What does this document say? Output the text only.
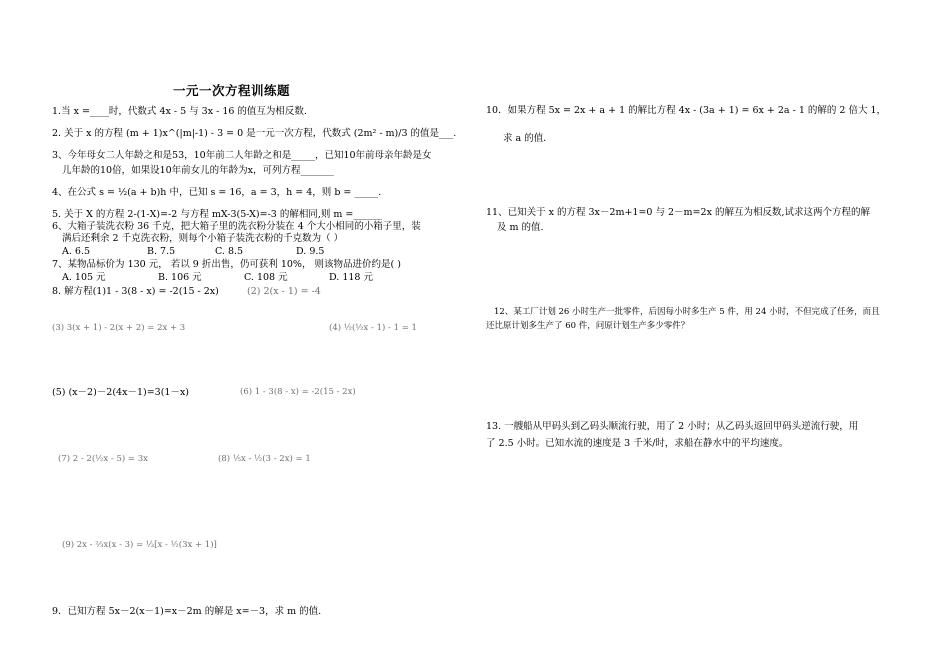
一元一次方程训练题
1.当 x =____时，代数式 4x - 5 与 3x - 16 的值互为相反数.
2. 关于 x 的方程 (m + 1)x^(|m|-1) - 3 = 0 是一元一次方程，代数式 (2m² - m)/3 的值是___.
3、今年母女二人年龄之和是53，10年前二人年龄之和是_____，已知10年前母亲年龄是女
儿年龄的10倍，如果设10年前女儿的年龄为x，可列方程_______
4、在公式 s = ½(a + b)h 中，已知 s = 16，a = 3，h = 4，则 b = _____.
5. 关于 X 的方程 2-(1-X)=-2 与方程 mX-3(5-X)=-3 的解相同,则 m =______
6、大箱子装洗衣粉 36 千克，把大箱子里的洗衣粉分装在 4 个大小相同的小箱子里，装
满后还剩余 2 千克洗衣粉，则每个小箱子装洗衣粉的千克数为（ ）
A. 6.5	B. 7.5	C. 8.5	D. 9.5
7、某物品标价为 130 元， 若以 9 折出售，仍可获利 10%， 则该物品进价约是( )
A. 105 元	B. 106 元	C. 108 元	D. 118 元
8. 解方程(1)1 - 3(8 - x) = -2(15 - 2x)	(2) 2(x - 1) = -4
(3) 3(x + 1) - 2(x + 2) = 2x + 3	(4) ½(½x - 1) - 1 = 1
(5) (x－2)－2(4x－1)=3(1－x)	(6) 1 - 3(8 - x) = -2(15 - 2x)
(7) 2 - 2(½x - 5) = 3x	(8) ⅕x - ½(3 - 2x) = 1
(9) 2x - ⅔x(x - 3) = ⅓[x - ½(3x + 1)]
9．已知方程 5x－2(x－1)=x－2m 的解是 x=－3，求 m 的值.
10．如果方程 5x = 2x + a + 1 的解比方程 4x - (3a + 1) = 6x + 2a - 1 的解的 2 倍大 1，
求 a 的值．
11、已知关于 x 的方程 3x－2m+1=0 与 2－m=2x 的解互为相反数,试求这两个方程的解
及 m 的值.
12、某工厂计划 26 小时生产一批零件，后因每小时多生产 5 件，用 24 小时，不但完成了任务，而且
还比原计划多生产了 60 件，问原计划生产多少零件？
13. 一艘船从甲码头到乙码头顺流行驶，用了 2 小时；从乙码头返回甲码头逆流行驶，用
了 2.5 小时。已知水流的速度是 3 千米/时，求船在静水中的平均速度。
